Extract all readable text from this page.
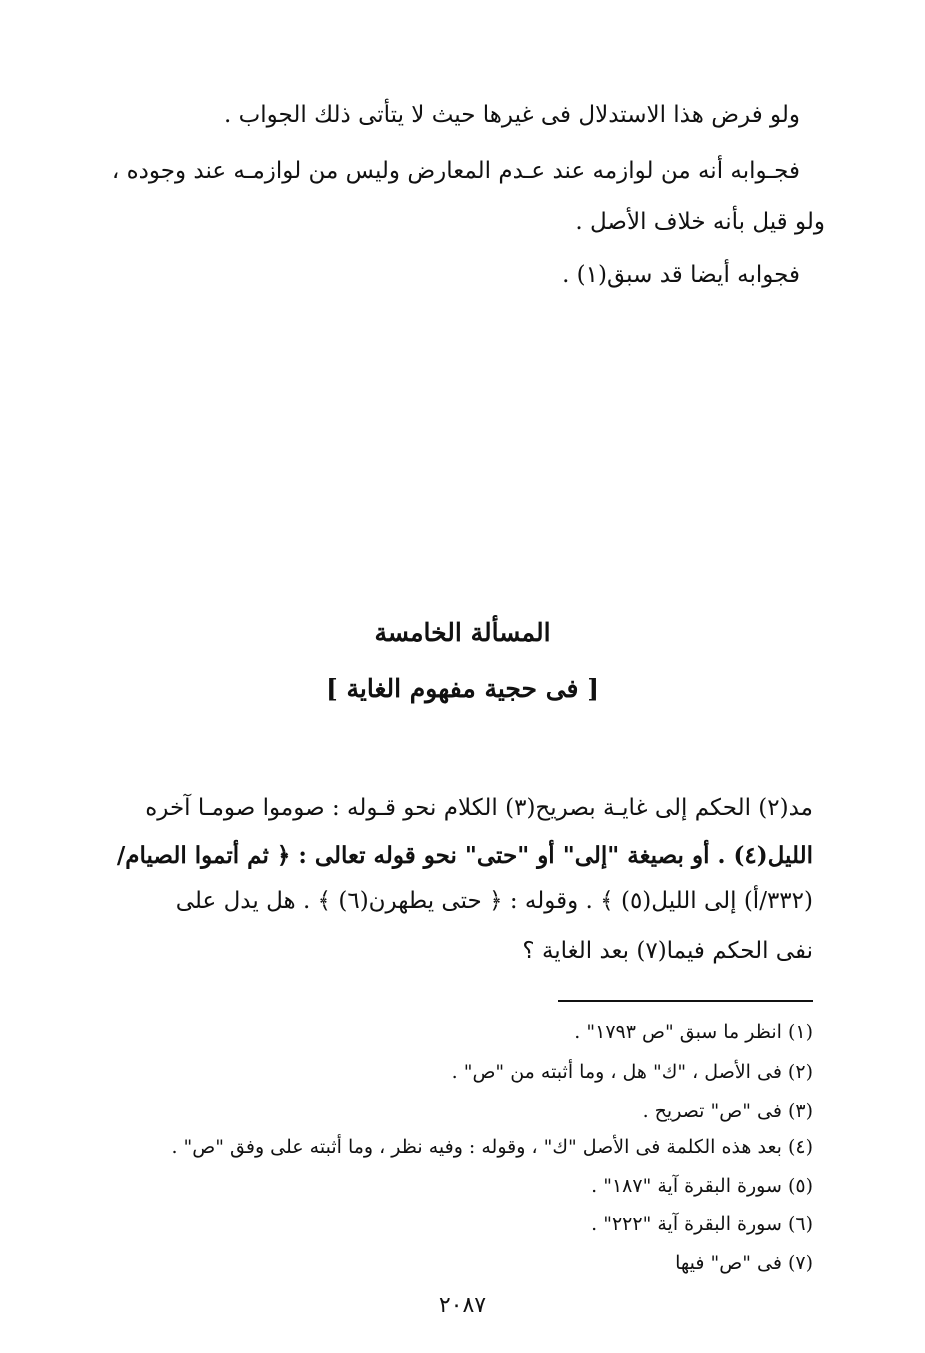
ولو فرض هذا الاستدلال فى غيرها حيث لا يتأتى ذلك الجواب .
فجـوابه أنه من لوازمه عند عـدم المعارض وليس من لوازمـه عند وجوده ،
ولو قيل بأنه خلاف الأصل .
فجوابه أيضا قد سبق(١) .
المسألة الخامسة
[ فى حجية مفهوم الغاية ]
مد(٢) الحكم إلى غايـة بصريح(٣) الكلام نحو قـوله : صوموا صومـا آخره
الليل(٤) . أو بصيغة "إلى" أو "حتى" نحو قوله تعالى : ﴿ ثم أتموا الصيام/
(٣٣٢/أ) إلى الليل(٥) ﴾ . وقوله : ﴿ حتى يطهرن(٦) ﴾ . هل يدل على
نفى الحكم فيما(٧) بعد الغاية ؟
(١) انظر ما سبق "ص ١٧٩٣" .
(٢) فى الأصل ، "ك" هل ، وما أثبته من "ص" .
(٣) فى "ص" تصريح .
(٤) بعد هذه الكلمة فى الأصل "ك" ، وقوله : وفيه نظر ، وما أثبته على وفق "ص" .
(٥) سورة البقرة آية "١٨٧" .
(٦) سورة البقرة آية "٢٢٢" .
(٧) فى "ص" فيها
٢٠٨٧
